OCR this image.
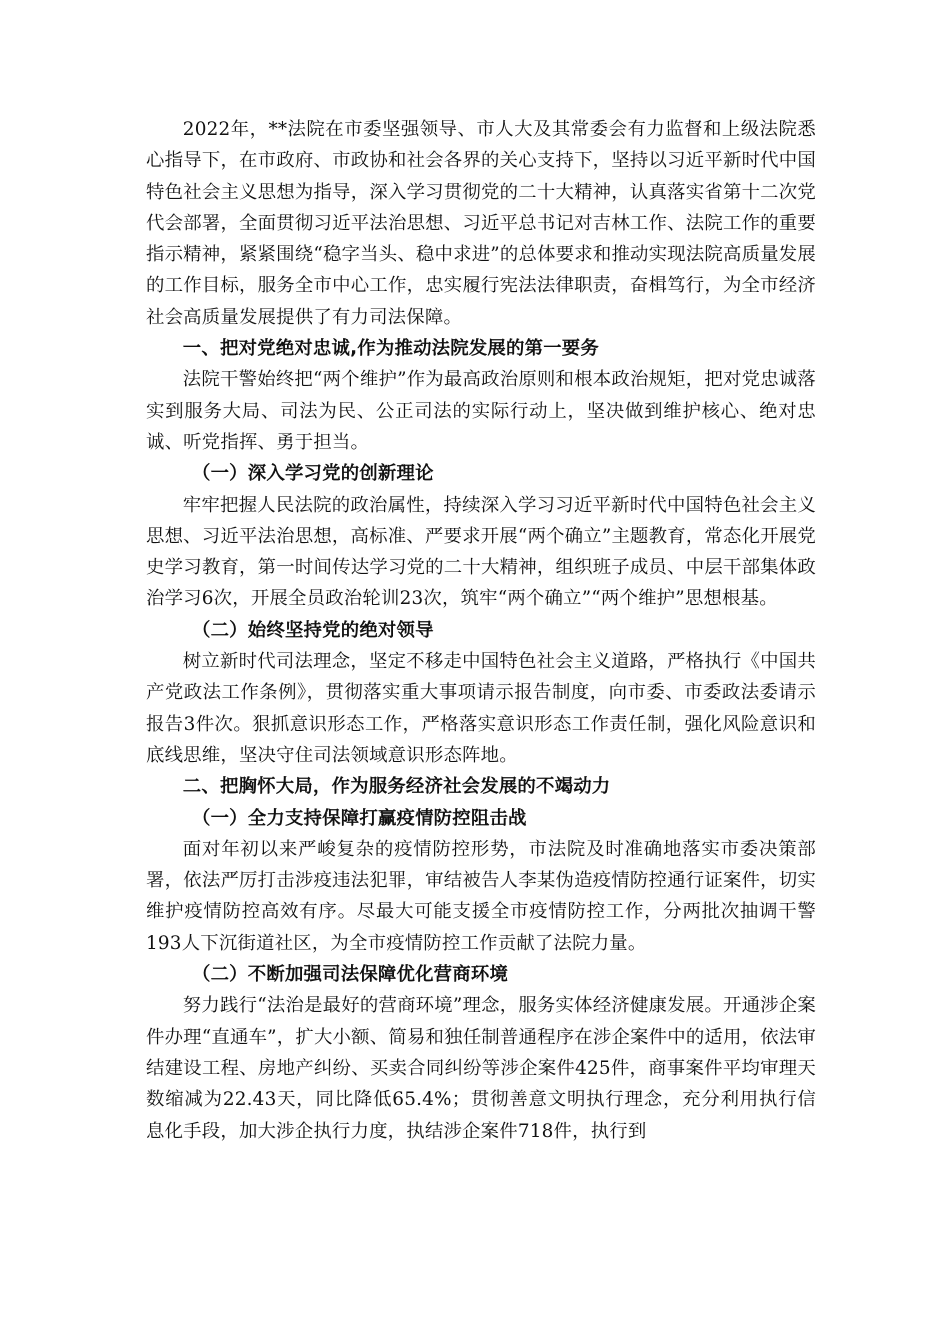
2022年，**法院在市委坚强领导、市人大及其常委会有力监督和上级法院悉心指导下，在市政府、市政协和社会各界的关心支持下，坚持以习近平新时代中国特色社会主义思想为指导，深入学习贯彻党的二十大精神，认真落实省第十二次党代会部署，全面贯彻习近平法治思想、习近平总书记对吉林工作、法院工作的重要指示精神，紧紧围绕“稳字当头、稳中求进”的总体要求和推动实现法院高质量发展的工作目标，服务全市中心工作，忠实履行宪法法律职责，奋楫笃行，为全市经济社会高质量发展提供了有力司法保障。

一、把对党绝对忠诚,作为推动法院发展的第一要务

法院干警始终把“两个维护”作为最高政治原则和根本政治规矩，把对党忠诚落实到服务大局、司法为民、公正司法的实际行动上，坚决做到维护核心、绝对忠诚、听党指挥、勇于担当。

（一）深入学习党的创新理论

牢牢把握人民法院的政治属性，持续深入学习习近平新时代中国特色社会主义思想、习近平法治思想，高标准、严要求开展“两个确立”主题教育，常态化开展党史学习教育，第一时间传达学习党的二十大精神，组织班子成员、中层干部集体政治学习6次，开展全员政治轮训23次，筑牢“两个确立”“两个维护”思想根基。

（二）始终坚持党的绝对领导

树立新时代司法理念，坚定不移走中国特色社会主义道路，严格执行《中国共产党政法工作条例》，贯彻落实重大事项请示报告制度，向市委、市委政法委请示报告3件次。狠抓意识形态工作，严格落实意识形态工作责任制，强化风险意识和底线思维，坚决守住司法领域意识形态阵地。

二、把胸怀大局，作为服务经济社会发展的不竭动力

（一）全力支持保障打赢疫情防控阻击战

面对年初以来严峻复杂的疫情防控形势，市法院及时准确地落实市委决策部署，依法严厉打击涉疫违法犯罪，审结被告人李某伪造疫情防控通行证案件，切实维护疫情防控高效有序。尽最大可能支援全市疫情防控工作，分两批次抽调干警193人下沉街道社区，为全市疫情防控工作贡献了法院力量。

（二）不断加强司法保障优化营商环境

努力践行“法治是最好的营商环境”理念，服务实体经济健康发展。开通涉企案件办理“直通车”，扩大小额、简易和独任制普通程序在涉企案件中的适用，依法审结建设工程、房地产纠纷、买卖合同纠纷等涉企案件425件，商事案件平均审理天数缩减为22.43天，同比降低65.4%；贯彻善意文明执行理念，充分利用执行信息化手段，加大涉企执行力度，执结涉企案件718件，执行到
